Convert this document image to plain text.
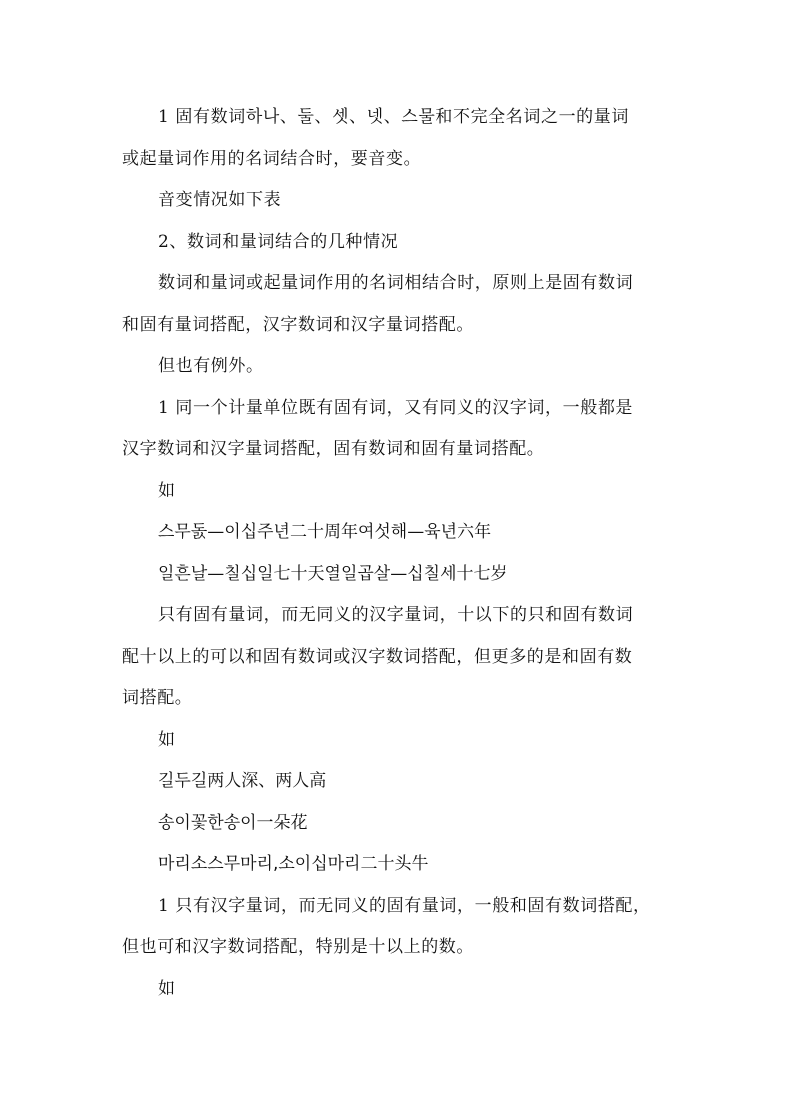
1 固有数词하나、둘、셋、넷、스물和不完全名词之一的量词
或起量词作用的名词结合时，要音变。
音变情况如下表
2、数词和量词结合的几种情况
数词和量词或起量词作用的名词相结合时，原则上是固有数词
和固有量词搭配，汉字数词和汉字量词搭配。
但也有例外。
1 同一个计量单位既有固有词，又有同义的汉字词，一般都是
汉字数词和汉字量词搭配，固有数词和固有量词搭配。
如
스무돐—이십주년二十周年여섯해—육년六年
일흔날—칠십일七十天열일곱살—십칠세十七岁
只有固有量词，而无同义的汉字量词，十以下的只和固有数词
配十以上的可以和固有数词或汉字数词搭配，但更多的是和固有数
词搭配。
如
길두길两人深、两人高
송이꽃한송이一朵花
마리소스무마리,소이십마리二十头牛
1 只有汉字量词，而无同义的固有量词，一般和固有数词搭配，
但也可和汉字数词搭配，特别是十以上的数。
如
